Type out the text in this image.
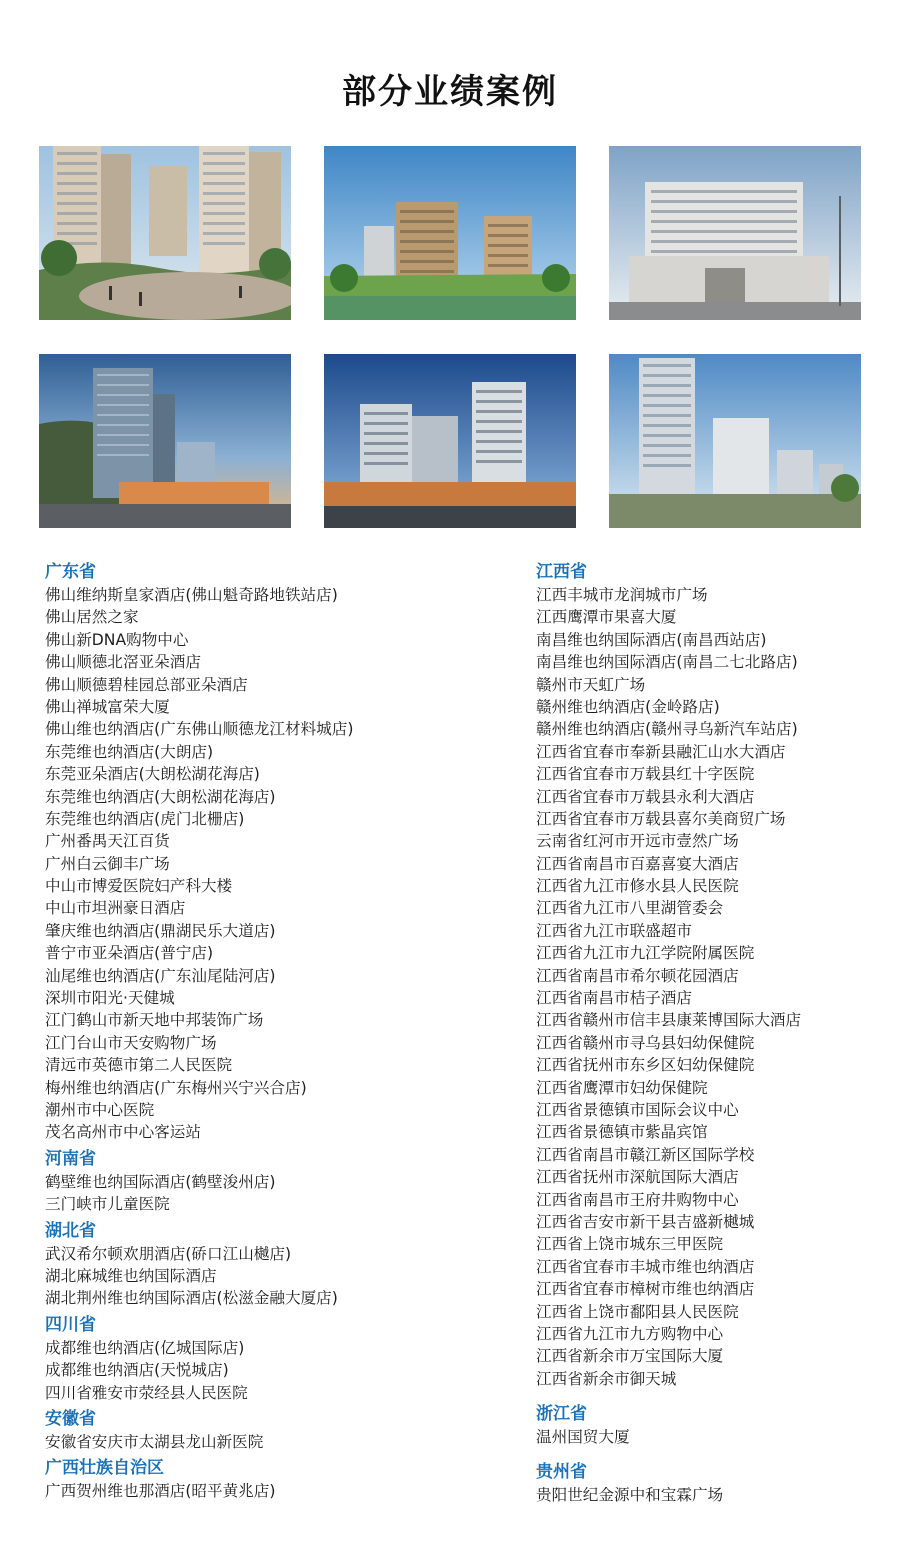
部分业绩案例
广东省
佛山维纳斯皇家酒店(佛山魁奇路地铁站店)
佛山居然之家
佛山新DNA购物中心
佛山顺德北滘亚朵酒店
佛山顺德碧桂园总部亚朵酒店
佛山禅城富荣大厦
佛山维也纳酒店(广东佛山顺德龙江材料城店)
东莞维也纳酒店(大朗店)
东莞亚朵酒店(大朗松湖花海店)
东莞维也纳酒店(大朗松湖花海店)
东莞维也纳酒店(虎门北栅店)
广州番禺天江百货
广州白云御丰广场
中山市博爱医院妇产科大楼
中山市坦洲豪日酒店
肇庆维也纳酒店(鼎湖民乐大道店)
普宁市亚朵酒店(普宁店)
汕尾维也纳酒店(广东汕尾陆河店)
深圳市阳光·天健城
江门鹤山市新天地中邦装饰广场
江门台山市天安购物广场
清远市英德市第二人民医院
梅州维也纳酒店(广东梅州兴宁兴合店)
潮州市中心医院
茂名高州市中心客运站
河南省
鹤壁维也纳国际酒店(鹤壁浚州店)
三门峡市儿童医院
湖北省
武汉希尔顿欢朋酒店(硚口江山樾店)
湖北麻城维也纳国际酒店
湖北荆州维也纳国际酒店(松滋金融大厦店)
四川省
成都维也纳酒店(亿城国际店)
成都维也纳酒店(天悦城店)
四川省雅安市荥经县人民医院
安徽省
安徽省安庆市太湖县龙山新医院
广西壮族自治区
广西贺州维也那酒店(昭平黄兆店)
江西省
江西丰城市龙润城市广场
江西鹰潭市果喜大厦
南昌维也纳国际酒店(南昌西站店)
南昌维也纳国际酒店(南昌二七北路店)
赣州市天虹广场
赣州维也纳酒店(金岭路店)
赣州维也纳酒店(赣州寻乌新汽车站店)
江西省宜春市奉新县融汇山水大酒店
江西省宜春市万载县红十字医院
江西省宜春市万载县永利大酒店
江西省宜春市万载县喜尔美商贸广场
云南省红河市开远市壹然广场
江西省南昌市百嘉喜宴大酒店
江西省九江市修水县人民医院
江西省九江市八里湖管委会
江西省九江市联盛超市
江西省九江市九江学院附属医院
江西省南昌市希尔顿花园酒店
江西省南昌市桔子酒店
江西省赣州市信丰县康莱博国际大酒店
江西省赣州市寻乌县妇幼保健院
江西省抚州市东乡区妇幼保健院
江西省鹰潭市妇幼保健院
江西省景德镇市国际会议中心
江西省景德镇市紫晶宾馆
江西省南昌市赣江新区国际学校
江西省抚州市深航国际大酒店
江西省南昌市王府井购物中心
江西省吉安市新干县吉盛新樾城
江西省上饶市城东三甲医院
江西省宜春市丰城市维也纳酒店
江西省宜春市樟树市维也纳酒店
江西省上饶市鄱阳县人民医院
江西省九江市九方购物中心
江西省新余市万宝国际大厦
江西省新余市御天城
浙江省
温州国贸大厦
贵州省
贵阳世纪金源中和宝霖广场
